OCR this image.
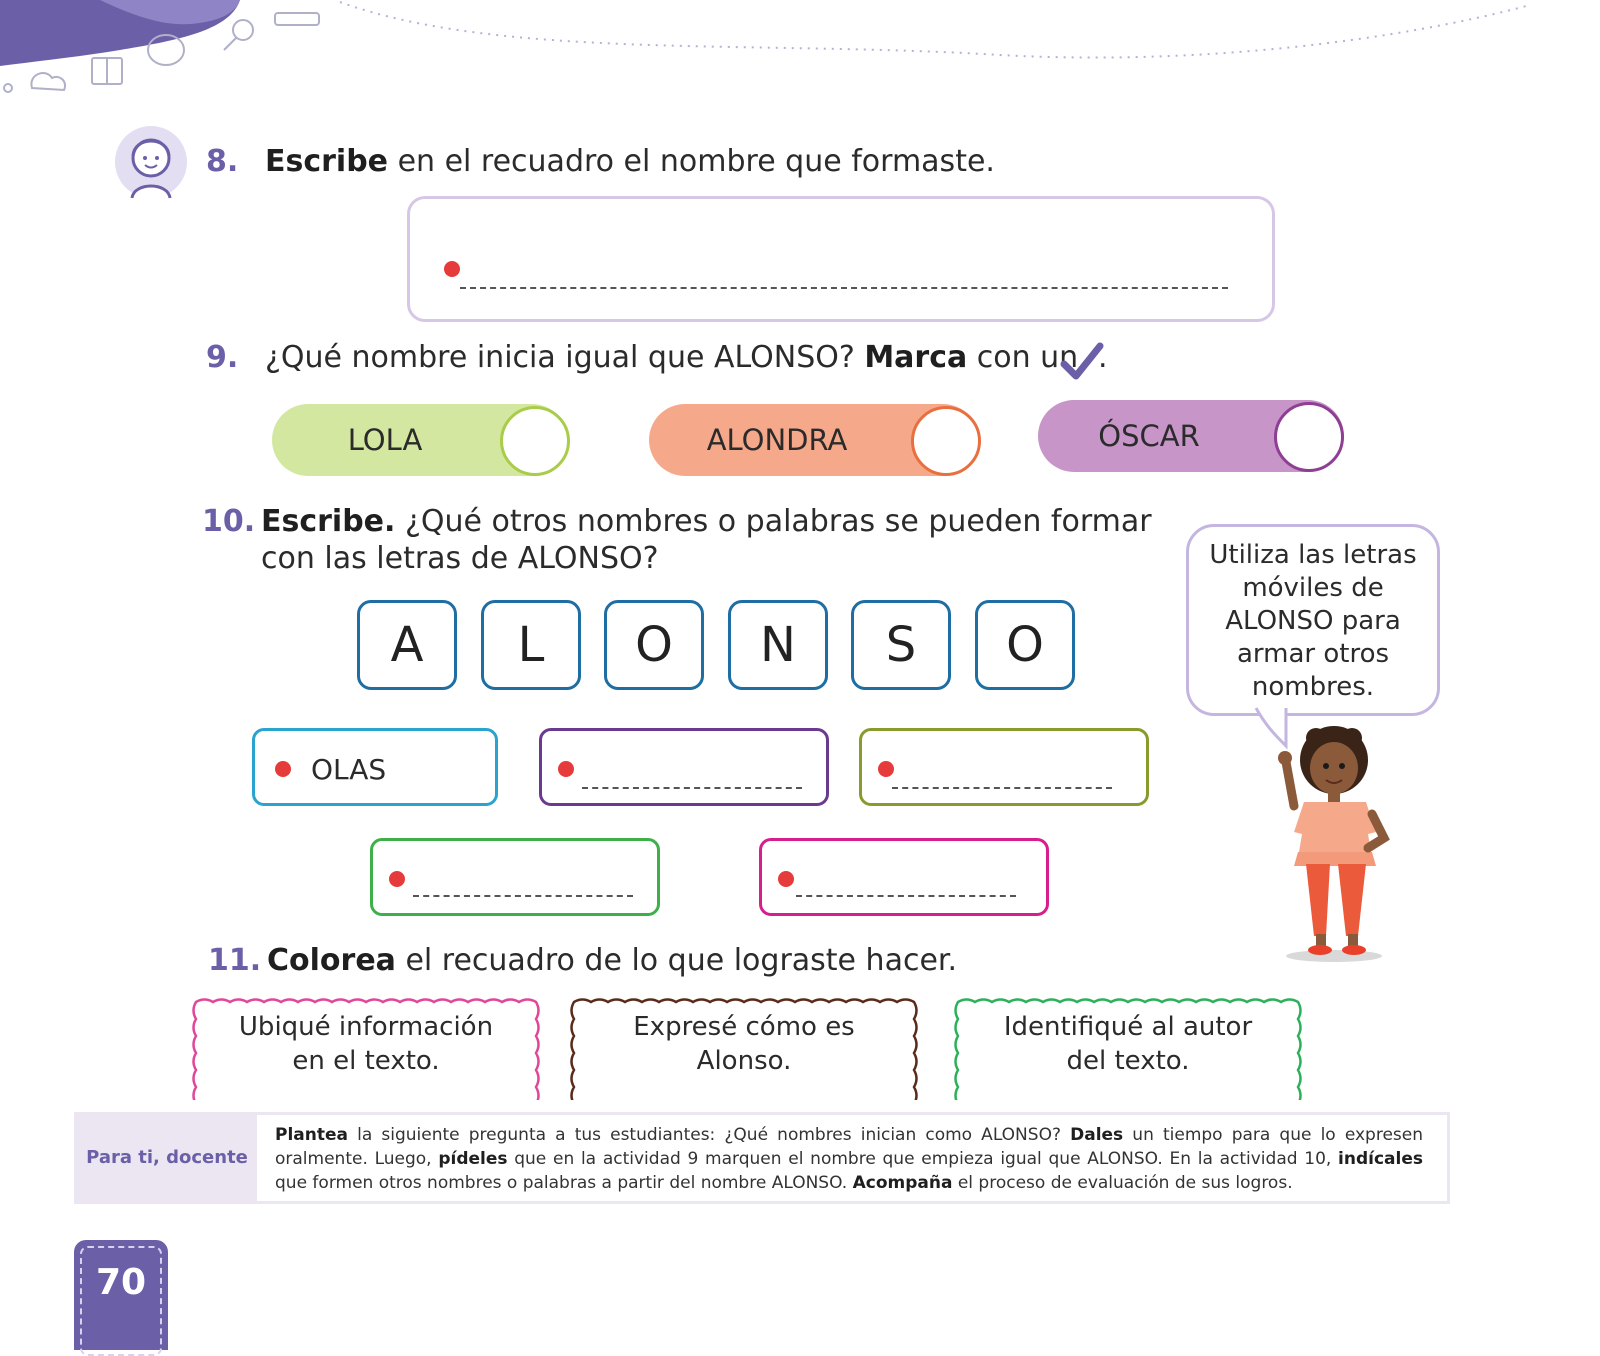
8. Escribe en el recuadro el nombre que formaste.
9. ¿Qué nombre inicia igual que ALONSO? Marca con un .
LOLA	ALONDRA	ÓSCAR
10. Escribe. ¿Qué otros nombres o palabras se pueden formar
con las letras de ALONSO?
A	L	O	N	S	O
OLAS
Utiliza las letras móviles de ALONSO para armar otros nombres.
11. Colorea el recuadro de lo que lograste hacer.
Ubiqué información
en el texto.
Expresé cómo es
Alonso.
Identifiqué al autor
del texto.
Para ti, docente
Plantea la siguiente pregunta a tus estudiantes: ¿Qué nombres inician como ALONSO? Dales un tiempo para que lo expresen oralmente. Luego, pídeles que en la actividad 9 marquen el nombre que empieza igual que ALONSO. En la actividad 10, indícales que formen otros nombres o palabras a partir del nombre ALONSO. Acompaña el proceso de evaluación de sus logros.
70
